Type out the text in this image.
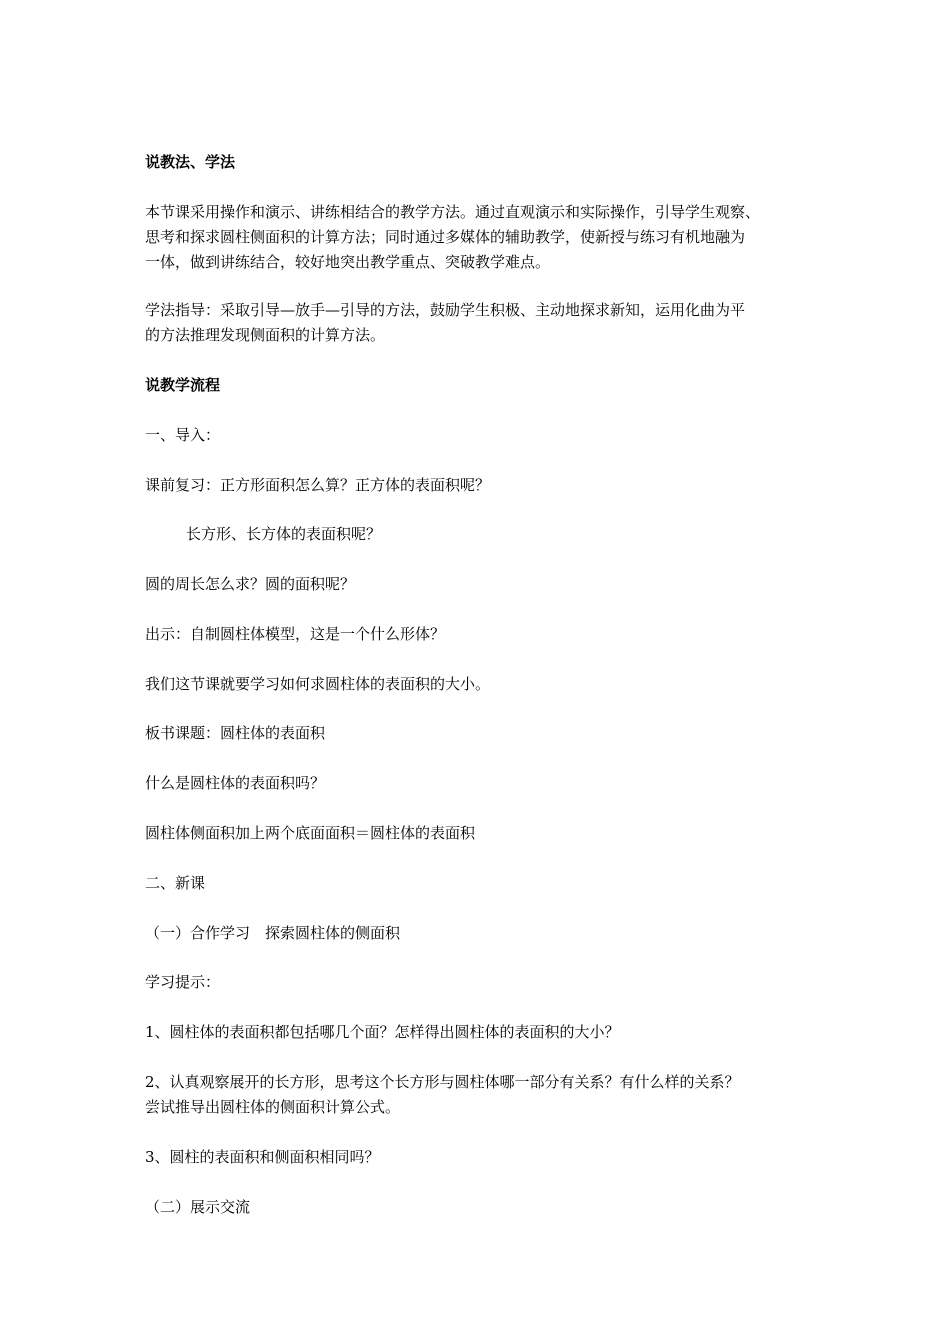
说教法、学法
本节课采用操作和演示、讲练相结合的教学方法。通过直观演示和实际操作，引导学生观察、
思考和探求圆柱侧面积的计算方法；同时通过多媒体的辅助教学，使新授与练习有机地融为
一体，做到讲练结合，较好地突出教学重点、突破教学难点。
学法指导：采取引导—放手—引导的方法，鼓励学生积极、主动地探求新知，运用化曲为平
的方法推理发现侧面积的计算方法。
说教学流程
一、导入：
课前复习：正方形面积怎么算？正方体的表面积呢？
长方形、长方体的表面积呢？
圆的周长怎么求？圆的面积呢？
出示：自制圆柱体模型，这是一个什么形体？
我们这节课就要学习如何求圆柱体的表面积的大小。
板书课题：圆柱体的表面积
什么是圆柱体的表面积吗？
圆柱体侧面积加上两个底面面积＝圆柱体的表面积
二、新课
（一）合作学习　探索圆柱体的侧面积
学习提示：
1、圆柱体的表面积都包括哪几个面？怎样得出圆柱体的表面积的大小？
2、认真观察展开的长方形，思考这个长方形与圆柱体哪一部分有关系？有什么样的关系？
尝试推导出圆柱体的侧面积计算公式。
3、圆柱的表面积和侧面积相同吗？
（二）展示交流
